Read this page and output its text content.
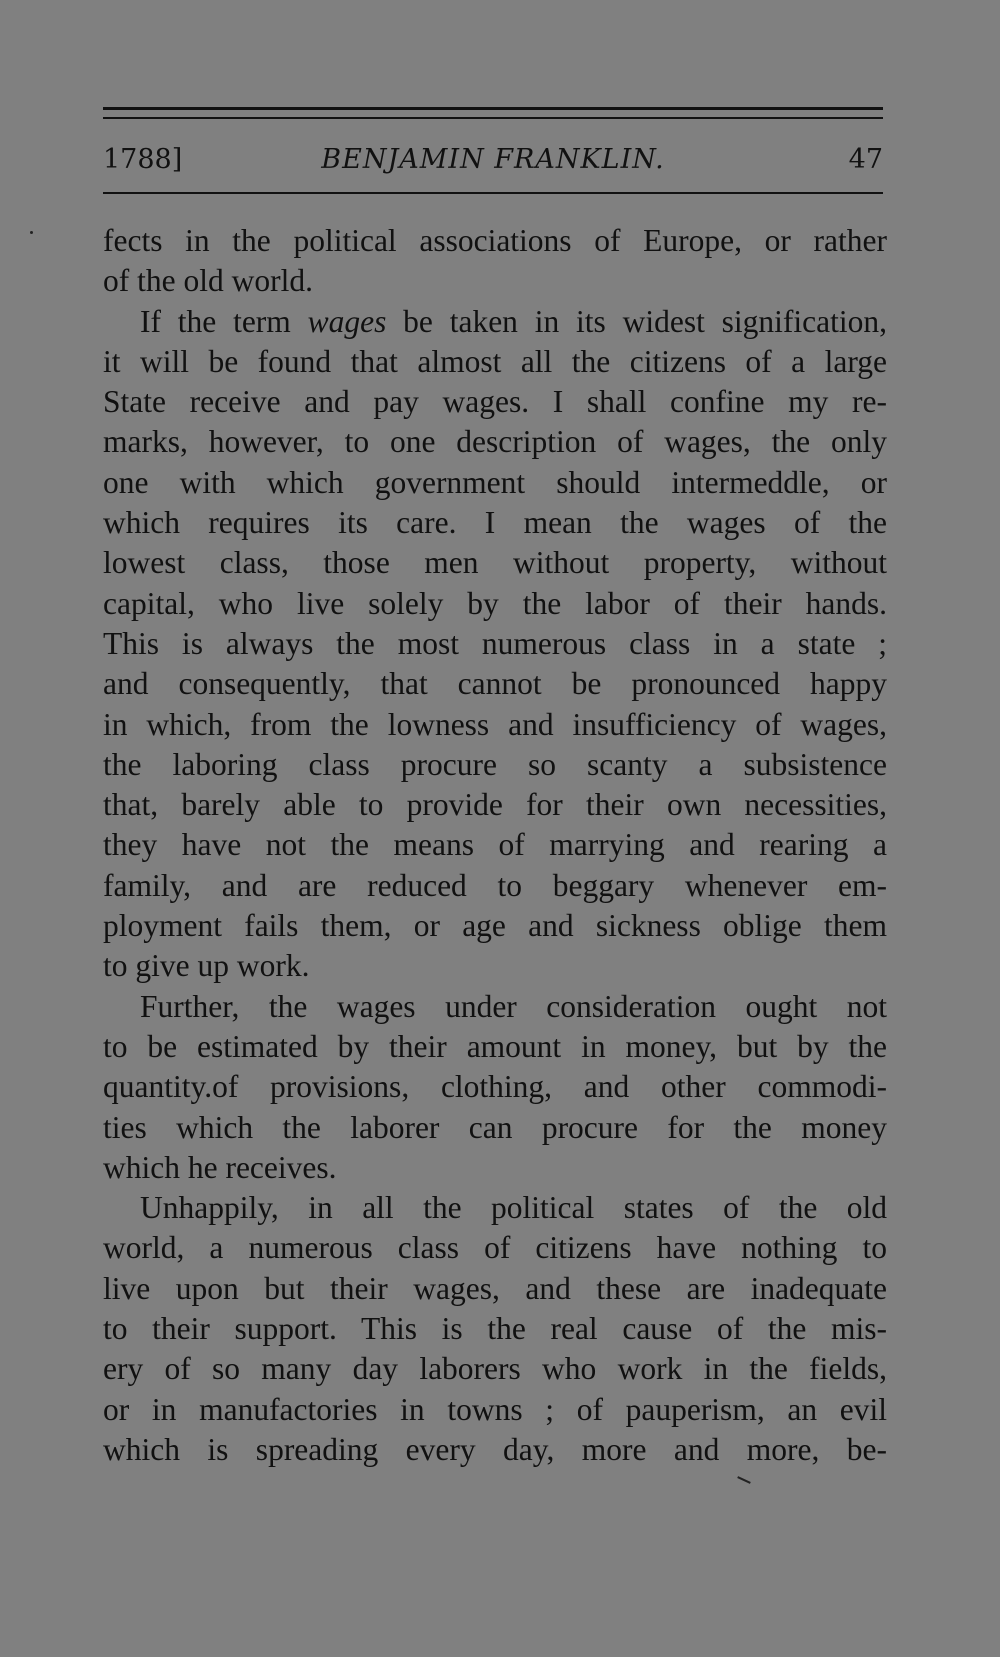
1788]	BENJAMIN FRANKLIN.	47
fects in the political associations of Europe, or rather
of the old world.
If the term wages be taken in its widest signification,
it will be found that almost all the citizens of a large
State receive and pay wages. I shall confine my re-
marks, however, to one description of wages, the only
one with which government should intermeddle, or
which requires its care. I mean the wages of the
lowest class, those men without property, without
capital, who live solely by the labor of their hands.
This is always the most numerous class in a state ;
and consequently, that cannot be pronounced happy
in which, from the lowness and insufficiency of wages,
the laboring class procure so scanty a subsistence
that, barely able to provide for their own necessities,
they have not the means of marrying and rearing a
family, and are reduced to beggary whenever em-
ployment fails them, or age and sickness oblige them
to give up work.
Further, the wages under consideration ought not
to be estimated by their amount in money, but by the
quantity.of provisions, clothing, and other commodi-
ties which the laborer can procure for the money
which he receives.
Unhappily, in all the political states of the old
world, a numerous class of citizens have nothing to
live upon but their wages, and these are inadequate
to their support. This is the real cause of the mis-
ery of so many day laborers who work in the fields,
or in manufactories in towns ; of pauperism, an evil
which is spreading every day, more and more, be-
